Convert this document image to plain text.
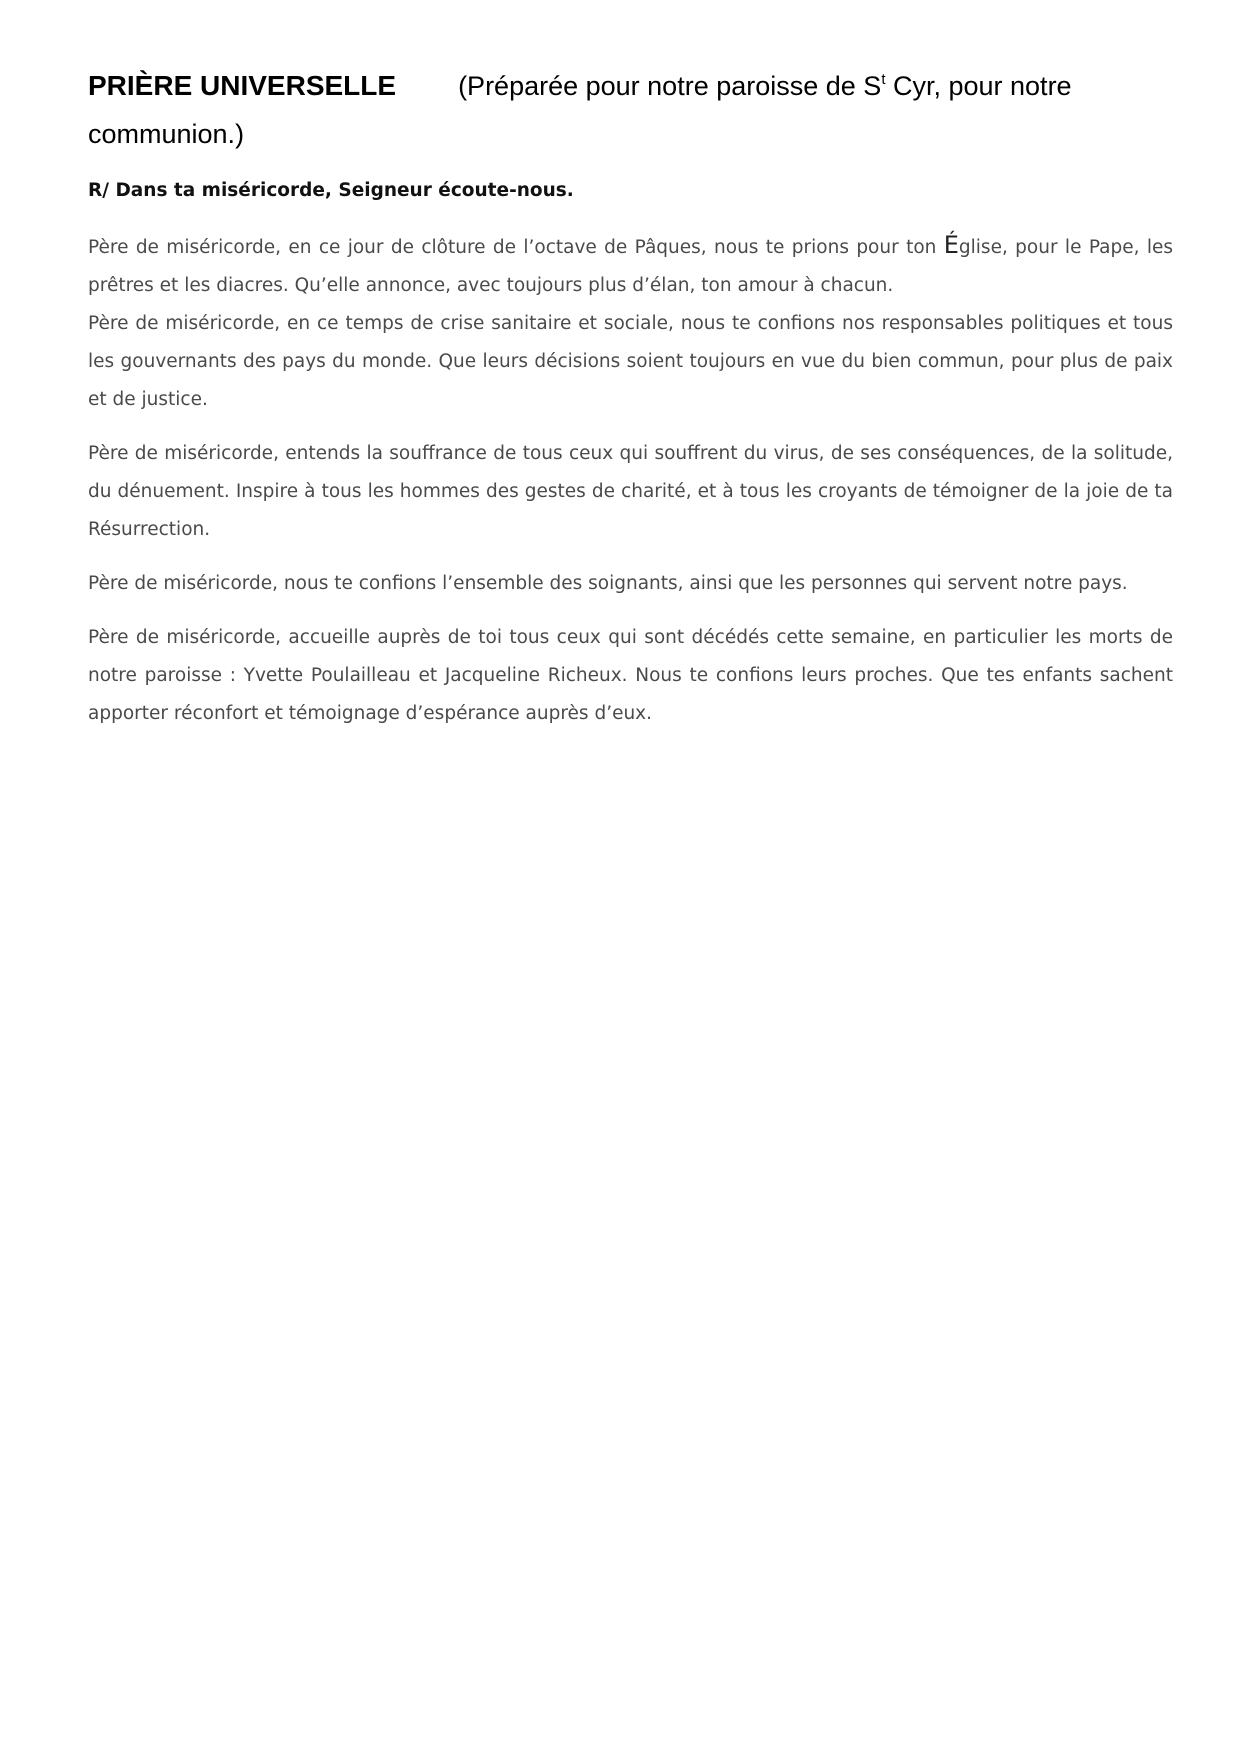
PRIÈRE UNIVERSELLE (Préparée pour notre paroisse de $S^t$ Cyr, pour notre communion.)

R/ Dans ta miséricorde, Seigneur écoute-nous.

Père de miséricorde, en ce jour de clôture de l’octave de Pâques, nous te prions pour ton Église, pour le Pape, les prêtres et les diacres. Qu’elle annonce, avec toujours plus d’élan, ton amour à chacun.

Père de miséricorde, en ce temps de crise sanitaire et sociale, nous te confions nos responsables politiques et tous les gouvernants des pays du monde. Que leurs décisions soient toujours en vue du bien commun, pour plus de paix et de justice.

Père de miséricorde, entends la souffrance de tous ceux qui souffrent du virus, de ses conséquences, de la solitude, du dénuement. Inspire à tous les hommes des gestes de charité, et à tous les croyants de témoigner de la joie de ta Résurrection.

Père de miséricorde, nous te confions l’ensemble des soignants, ainsi que les personnes qui servent notre pays.

Père de miséricorde, accueille auprès de toi tous ceux qui sont décédés cette semaine, en particulier les morts de notre paroisse : Yvette Poulailleau et Jacqueline Richeux. Nous te confions leurs proches. Que tes enfants sachent apporter réconfort et témoignage d’espérance auprès d’eux.
